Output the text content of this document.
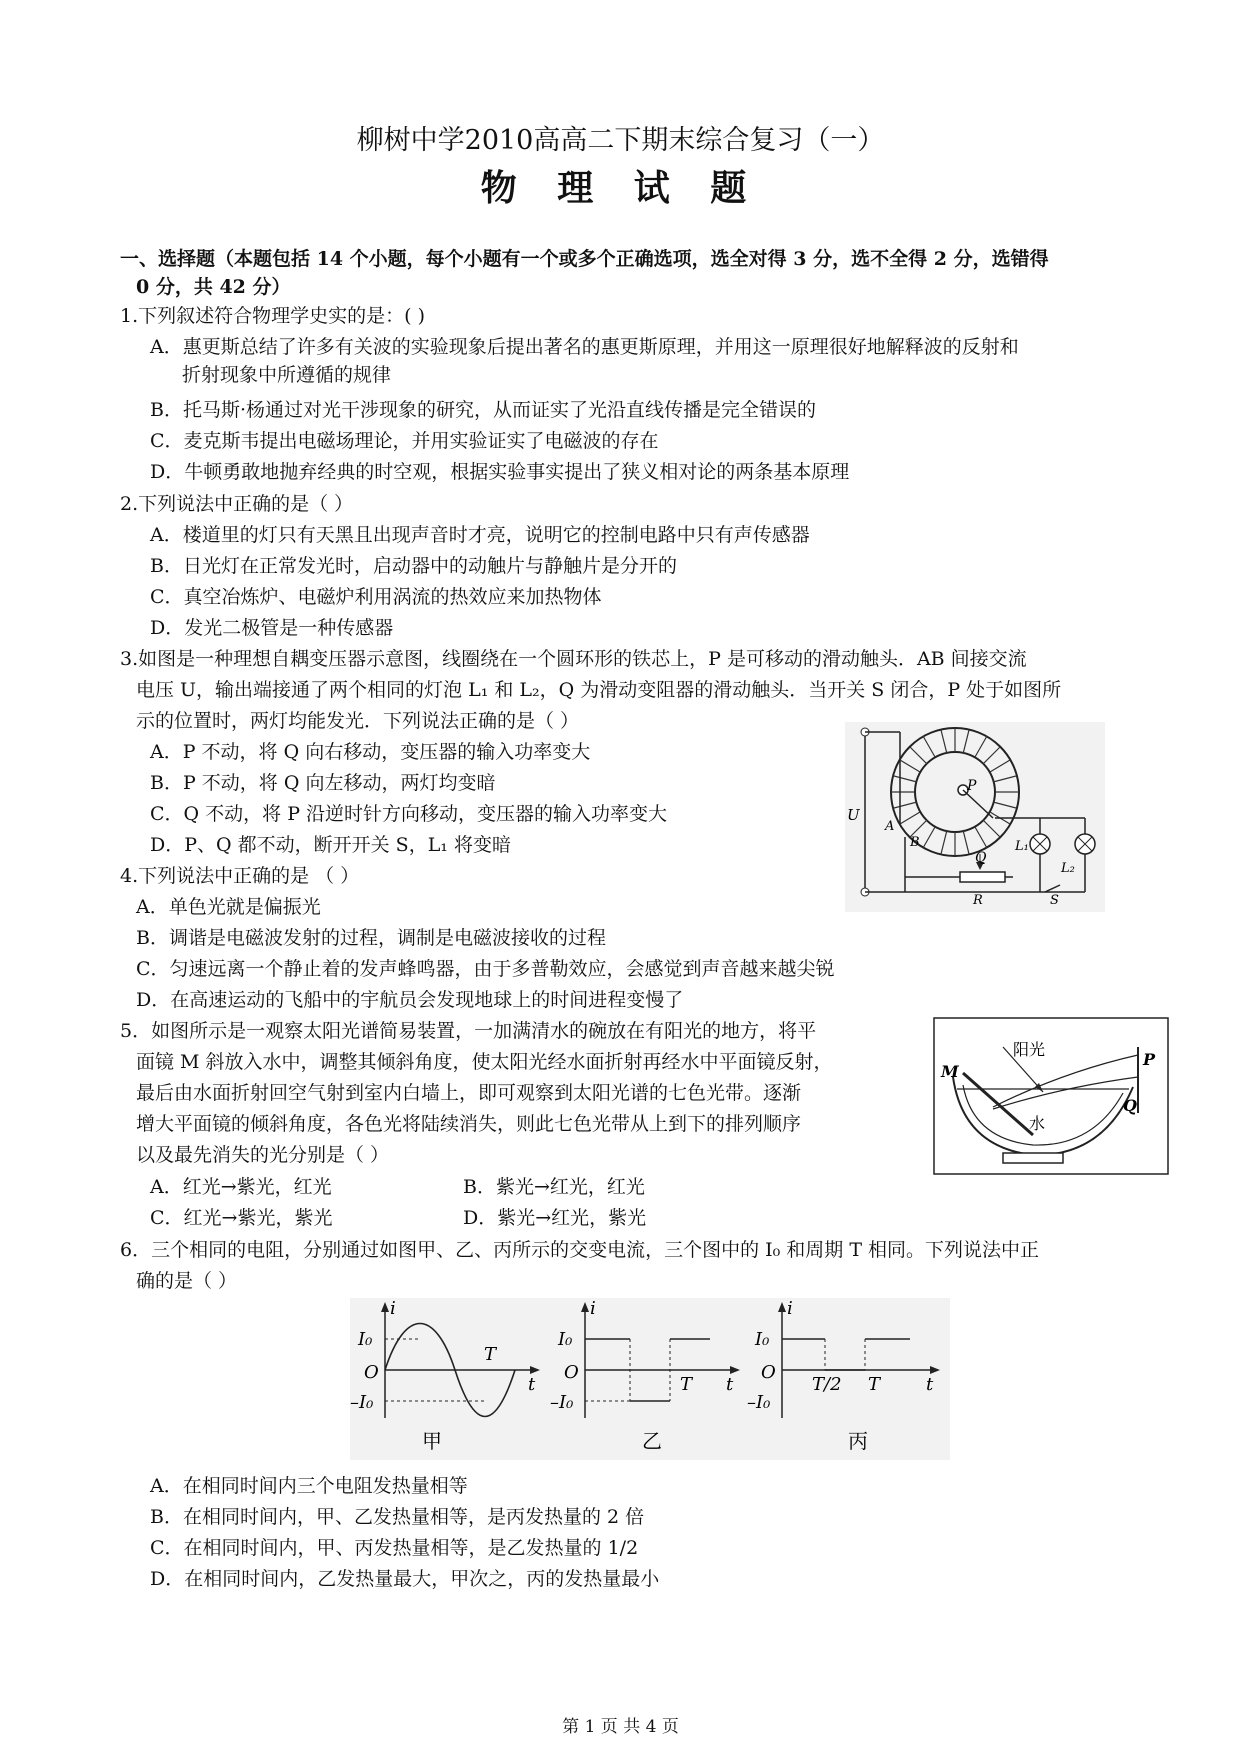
柳树中学2010高高二下期末综合复习（一）
物 理 试 题
一、选择题（本题包括 14 个小题，每个小题有一个或多个正确选项，选全对得 3 分，选不全得 2 分，选错得
0 分，共 42 分）
1.下列叙述符合物理学史实的是：( )
A．惠更斯总结了许多有关波的实验现象后提出著名的惠更斯原理，并用这一原理很好地解释波的反射和
折射现象中所遵循的规律
B．托马斯·杨通过对光干涉现象的研究，从而证实了光沿直线传播是完全错误的
C．麦克斯韦提出电磁场理论，并用实验证实了电磁波的存在
D．牛顿勇敢地抛弃经典的时空观，根据实验事实提出了狭义相对论的两条基本原理
2.下列说法中正确的是（ ）
A．楼道里的灯只有天黑且出现声音时才亮，说明它的控制电路中只有声传感器
B．日光灯在正常发光时，启动器中的动触片与静触片是分开的
C．真空冶炼炉、电磁炉利用涡流的热效应来加热物体
D．发光二极管是一种传感器
3.如图是一种理想自耦变压器示意图，线圈绕在一个圆环形的铁芯上，P 是可移动的滑动触头．AB 间接交流
电压 U，输出端接通了两个相同的灯泡 L₁ 和 L₂，Q 为滑动变阻器的滑动触头．当开关 S 闭合，P 处于如图所
示的位置时，两灯均能发光．下列说法正确的是（ ）
A．P 不动，将 Q 向右移动，变压器的输入功率变大
B．P 不动，将 Q 向左移动，两灯均变暗
C．Q 不动，将 P 沿逆时针方向移动，变压器的输入功率变大
D．P、Q 都不动，断开开关 S，L₁ 将变暗
U
A
B
P
Q
R	S
L₁
L₂
4.下列说法中正确的是 （ ）
A．单色光就是偏振光
B．调谐是电磁波发射的过程，调制是电磁波接收的过程
C．匀速远离一个静止着的发声蜂鸣器，由于多普勒效应，会感觉到声音越来越尖锐
D．在高速运动的飞船中的宇航员会发现地球上的时间进程变慢了
5．如图所示是一观察太阳光谱简易装置，一加满清水的碗放在有阳光的地方，将平
面镜 M 斜放入水中，调整其倾斜角度，使太阳光经水面折射再经水中平面镜反射，
最后由水面折射回空气射到室内白墙上，即可观察到太阳光谱的七色光带。逐渐
增大平面镜的倾斜角度，各色光将陆续消失，则此七色光带从上到下的排列顺序
以及最先消失的光分别是（ ）
A．红光→紫光，红光	B．紫光→红光，红光
C．红光→紫光，紫光	D．紫光→红光，紫光
阳光
M
P
Q
水
6．三个相同的电阻，分别通过如图甲、乙、丙所示的交变电流，三个图中的 I₀ 和周期 T 相同。下列说法中正
确的是（ ）
i
I₀
O
–I₀
T
t
甲
i
I₀
O
–I₀
T t
乙
i
I₀
O
–I₀
T/2 T	t
丙
A．在相同时间内三个电阻发热量相等
B．在相同时间内，甲、乙发热量相等，是丙发热量的 2 倍
C．在相同时间内，甲、丙发热量相等，是乙发热量的 1/2
D．在相同时间内，乙发热量最大，甲次之，丙的发热量最小
第 1 页 共 4 页
